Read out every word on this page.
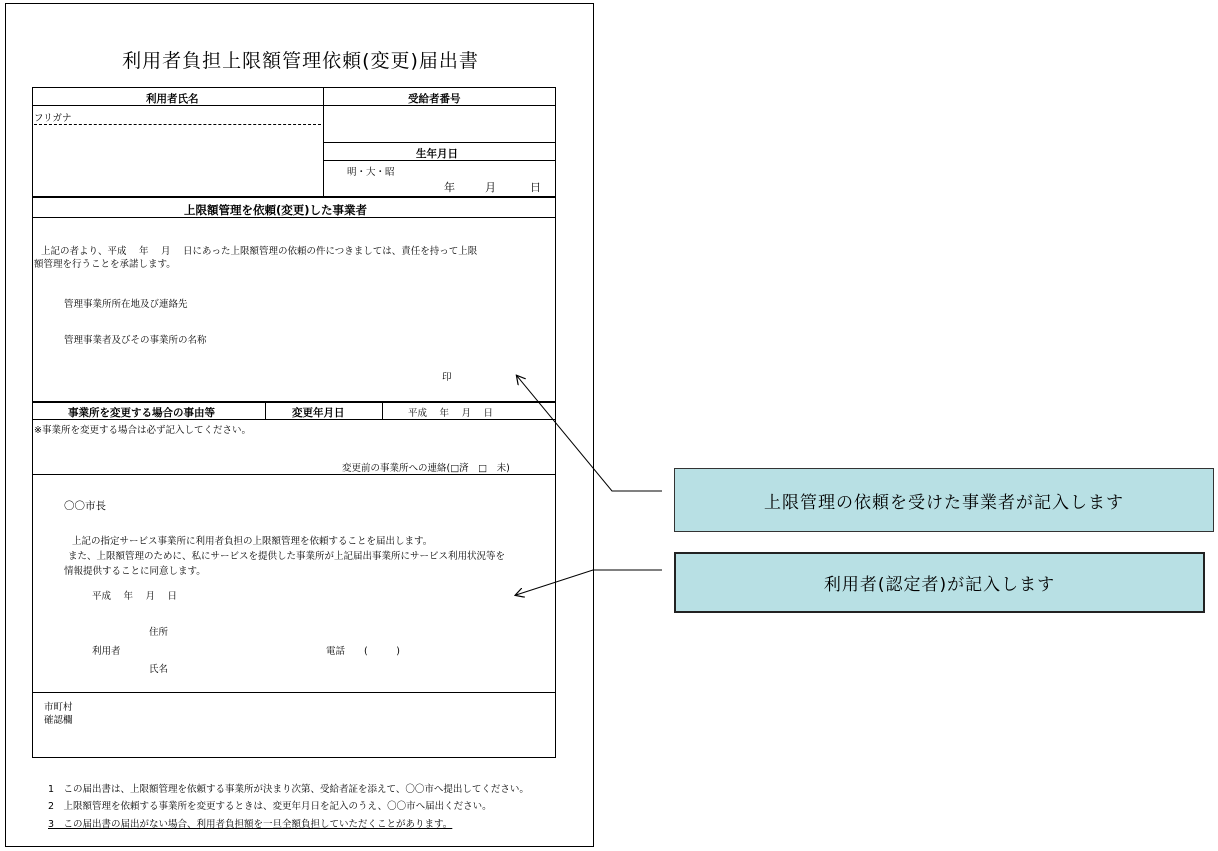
利用者負担上限額管理依頼(変更)届出書
利用者氏名	受給者番号
フリガナ
生年月日
明・大・昭
年	月	日
上限額管理を依頼(変更)した事業者
上記の者より、平成　 年 　月　 日にあった上限額管理の依頼の件につきましては、責任を持って上限
額管理を行うことを承諾します。
管理事業所所在地及び連絡先
管理事業者及びその事業所の名称
印
事業所を変更する場合の事由等	変更年月日	平成　 年　 月　 日
※事業所を変更する場合は必ず記入してください。
変更前の事業所への連絡(□済　□　未)
〇〇市長
上記の指定サービス事業所に利用者負担の上限額管理を依頼することを届出します。
また、上限額管理のために、私にサービスを提供した事業所が上記届出事業所にサービス利用状況等を
情報提供することに同意します。
平成　 年　 月　 日
住所
利用者	電話　　(　　　)
氏名
市町村
確認欄
1　この届出書は、上限額管理を依頼する事業所が決まり次第、受給者証を添えて、〇〇市へ提出してください。
2　上限額管理を依頼する事業所を変更するときは、変更年月日を記入のうえ、〇〇市へ届出ください。
3　この届出書の届出がない場合、利用者負担額を一旦全額負担していただくことがあります。
上限管理の依頼を受けた事業者が記入します
利用者(認定者)が記入します
